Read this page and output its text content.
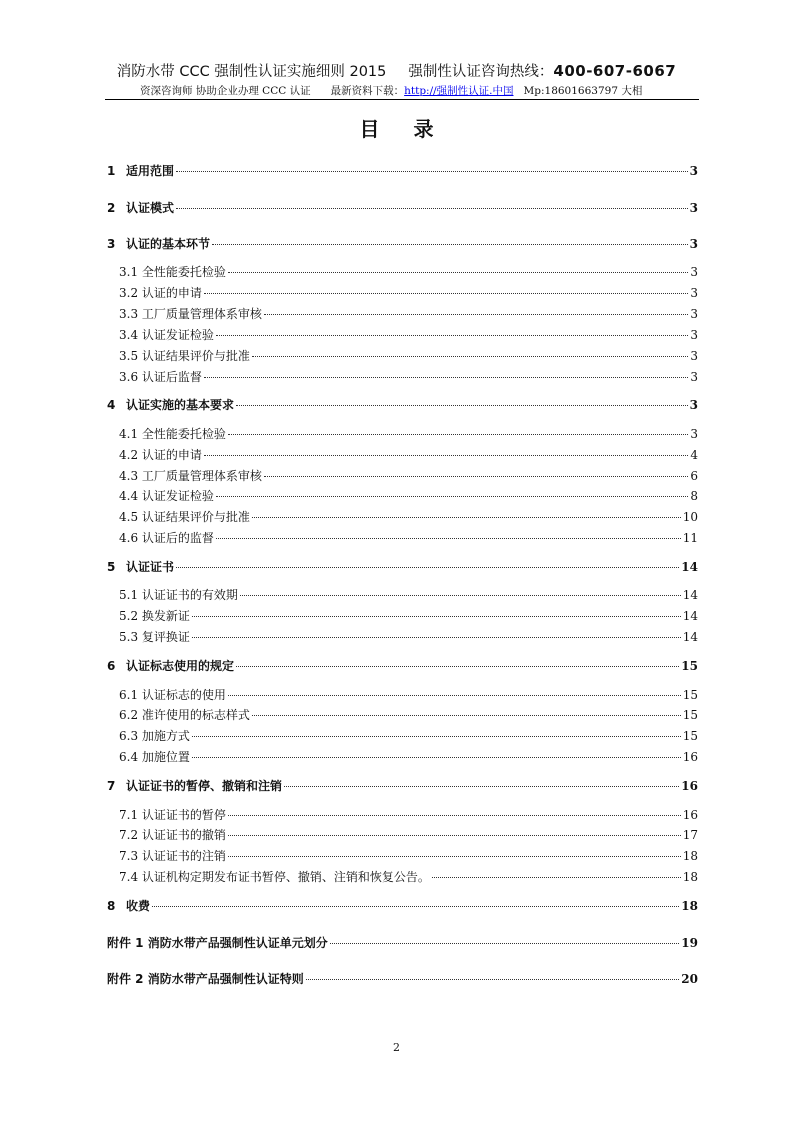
消防水带 CCC 强制性认证实施细则 2015 强制性认证咨询热线：400-607-6067
资深咨询师 协助企业办理 CCC 认证 最新资料下载：http://强制性认证.中国 Mp:18601663797 大相
目录
1 适用范围	3
2 认证模式	3
3 认证的基本环节	3
3.1 全性能委托检验	3
3.2 认证的申请	3
3.3 工厂质量管理体系审核	3
3.4 认证发证检验	3
3.5 认证结果评价与批准	3
3.6 认证后监督	3
4 认证实施的基本要求	3
4.1 全性能委托检验	3
4.2 认证的申请	4
4.3 工厂质量管理体系审核	6
4.4 认证发证检验	8
4.5 认证结果评价与批准	10
4.6 认证后的监督	11
5 认证证书	14
5.1 认证证书的有效期	14
5.2 换发新证	14
5.3 复评换证	14
6 认证标志使用的规定	15
6.1 认证标志的使用	15
6.2 准许使用的标志样式	15
6.3 加施方式	15
6.4 加施位置	16
7 认证证书的暂停、撤销和注销	16
7.1 认证证书的暂停	16
7.2 认证证书的撤销	17
7.3 认证证书的注销	18
7.4 认证机构定期发布证书暂停、撤销、注销和恢复公告。	18
8 收费	18
附件 1 消防水带产品强制性认证单元划分	19
附件 2 消防水带产品强制性认证特则	20
2
